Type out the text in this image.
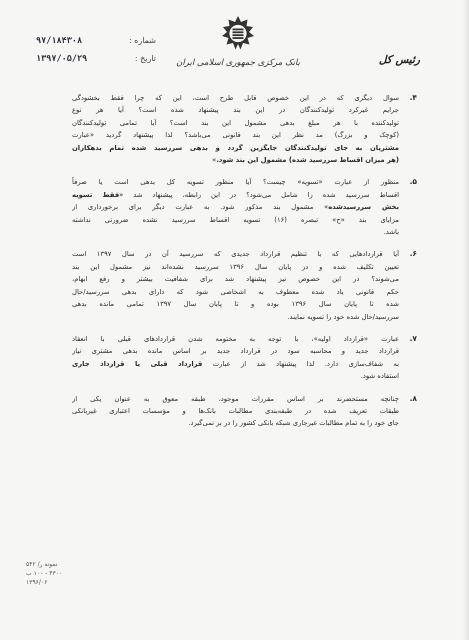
بانک مرکزی جمهوری اسلامی ایران	رئیس کل
شماره :
۹۷/۱۸۴۳۰۸
تاریخ :
۱۳۹۷/۰۵/۲۹
۴.
سوال دیگری که در این خصوص قابل طرح است، این که چرا فقط بخشودگی
جرایم غیرکرد تولیدکنندگان در این بند پیشنهاد شده است؟ آیا هر نوع
تولیدکننده با هر مبلغ بدهی مشمول این بند است؟ آیا تمامی تولیدکنندگان
(کوچک و بزرگ) مد نظر این بند قانونی می‌باشد؟ لذا پیشنهاد گردید «عبارت
مشتریان به جای تولیدکنندگان جایگزین گردد و بدهی سررسید شده تمام بدهکاران
(هر میزان اقساط سررسید شده) مشمول این بند شود.»
۵.
منظور از عبارت «تسویه» چیست؟ آیا منظور تسویه کل بدهی است یا صرفاً
اقساط سررسید شده را شامل می‌شود؟ در این رابطه، پیشنهاد شد «فقط تسویه
بخش سررسیدشده» مشمول بند مذکور شود. به عبارت دیگر برای برخورداری از
مزایای بند «ح» تبصره (۱۶) تسویه اقساط سررسید نشده ضرورتی نداشته
باشد.
۶.
آیا قراردادهایی که با تنظیم قرارداد جدیدی که سررسید آن در سال ۱۳۹۷ است
تعیین تکلیف شده و در پایان سال ۱۳۹۶ سررسید نشده‌اند نیز مشمول این بند
می‌شوند؟ در این خصوص نیز پیشنهاد شد برای شفافیت بیشتر و رفع ابهام،
حکم قانونی یاد شده معطوف به اشخاصی شود که دارای بدهی سررسید/حال
شده تا پایان سال ۱۳۹۶ بوده و تا پایان سال ۱۳۹۷ تمامی مانده بدهی
سررسید/حال شده خود را تسویه نمایند.
۷.
عبارت «قرارداد اولیه»، با توجه به مختومه شدن قراردادهای قبلی با انعقاد
قرارداد جدید و محاسبه سود در قرارداد جدید بر اساس مانده بدهی مشتری نیاز
به شفاف‌سازی دارد. لذا پیشنهاد شد از عبارت قرارداد قبلی یا قرارداد جاری
استفاده شود.
۸.
چنانچه مستحضرند بر اساس مقررات موجود، طبقه معوق به عنوان یکی از
طبقات تعریف شده در طبقه‌بندی مطالبات بانک‌ها و مؤسسات اعتباری غیربانکی
جای خود را به تمام مطالبات غیرجاری شبکه بانکی کشور را در بر نمی‌گیرد.
نمونه ر/ ۵۴۲
۴۳۰۰ - ۱۰۰ ب
۱۳۹۶/۰۶
